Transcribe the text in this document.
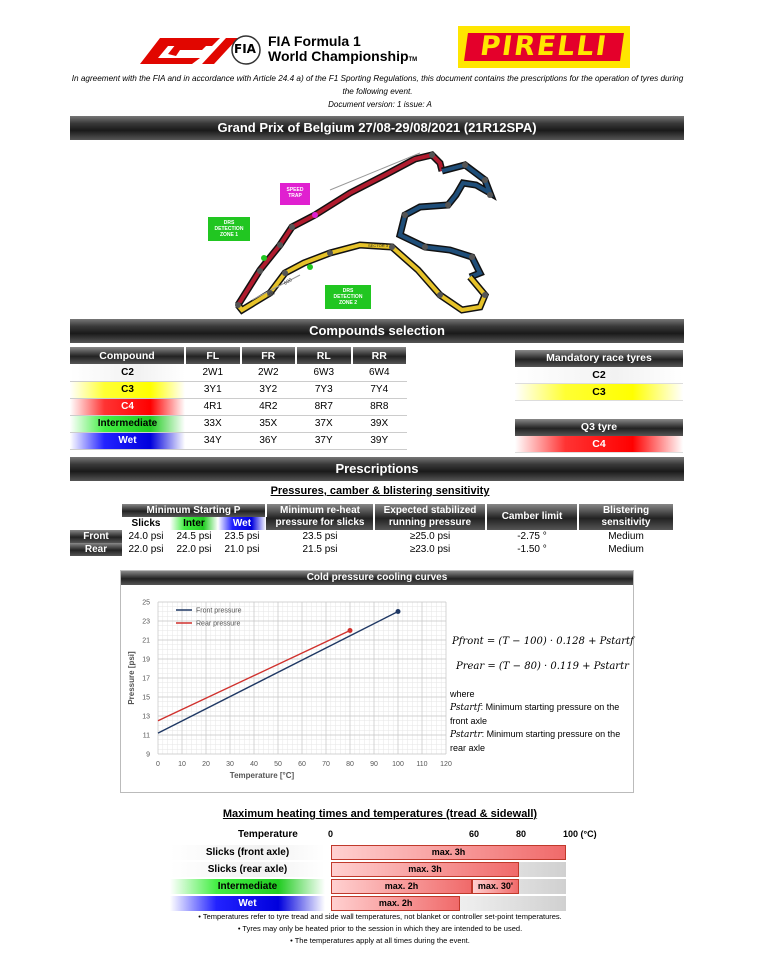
FIA FIA Formula 1
World ChampionshipTM	PIRELLI
In agreement with the FIA and in accordance with Article 24.4 a) of the F1 Sporting Regulations, this document contains the prescriptions for the operation of tyres during the following event.
Document version: 1 issue: A
Grand Prix of Belgium 27/08-29/08/2021 (21R12SPA)
SPEED
TRAP
DRS
DETECTION
ZONE 1
DRS
DETECTION
ZONE 2
SECTOR 3
SECTOR 2
600
400
Compounds selection
Compound	FL	FR	RL	RR
C2	2W1	2W2	6W3	6W4
C3	3Y1	3Y2	7Y3	7Y4
C4	4R1	4R2	8R7	8R8
Intermediate	33X	35X	37X	39X
Wet	34Y	36Y	37Y	39Y
Mandatory race tyres
C2
C3
Q3 tyre
C4
Prescriptions
Pressures, camber & blistering sensitivity
	Minimum Starting P			Minimum re-heat pressure for slicks	Expected stabilized running pressure	Camber limit	Blistering sensitivity
	Slicks	Inter	Wet				
Front	24.0 psi	24.5 psi	23.5 psi	23.5 psi	≥25.0 psi	-2.75 °	Medium
Rear	22.0 psi	22.0 psi	21.0 psi	21.5 psi	≥23.0 psi	-1.50 °	Medium
Cold pressure cooling curves
0	10 20 30 40 50 60 70 80 90 100 110 120
9
11
13
15
17
19
21
23
25
Temperature [°C]
Pressure [psi]
Front pressure
Rear pressure
Pfront = (T − 100) · 0.128 + Pstartf
Prear = (T − 80) · 0.119 + Pstartr
where
Pstartf: Minimum starting pressure on the front axle
Pstartr: Minimum starting pressure on the rear axle
Maximum heating times and temperatures (tread & sidewall)
Temperature	0	60	80	100 (°C)
Slicks (front axle)	max. 3h
Slicks (rear axle)	max. 3h
Intermediate	max. 2h	max. 30'
Wet	max. 2h
• Temperatures refer to tyre tread and side wall temperatures, not blanket or controller set-point temperatures.
• Tyres may only be heated prior to the session in which they are intended to be used.
• The temperatures apply at all times during the event.
